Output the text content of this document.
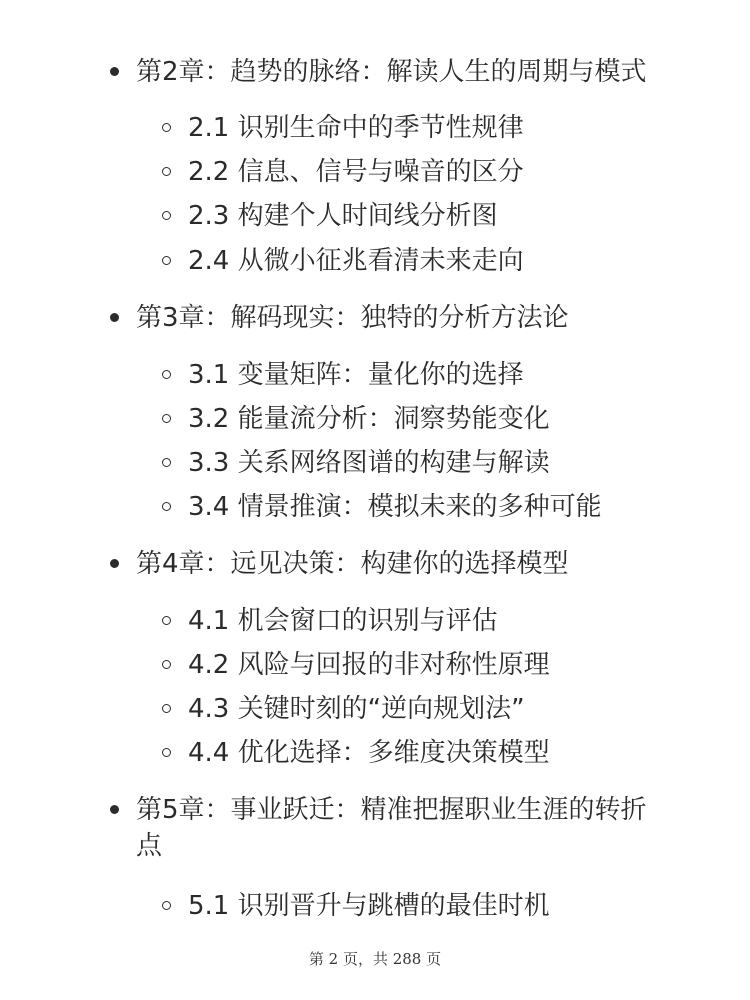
第2章：趋势的脉络：解读人生的周期与模式
2.1 识别生命中的季节性规律
2.2 信息、信号与噪音的区分
2.3 构建个人时间线分析图
2.4 从微小征兆看清未来走向
第3章：解码现实：独特的分析方法论
3.1 变量矩阵：量化你的选择
3.2 能量流分析：洞察势能变化
3.3 关系网络图谱的构建与解读
3.4 情景推演：模拟未来的多种可能
第4章：远见决策：构建你的选择模型
4.1 机会窗口的识别与评估
4.2 风险与回报的非对称性原理
4.3 关键时刻的“逆向规划法”
4.4 优化选择：多维度决策模型
第5章：事业跃迁：精准把握职业生涯的转折点
5.1 识别晋升与跳槽的最佳时机
第 2 页，共 288 页
